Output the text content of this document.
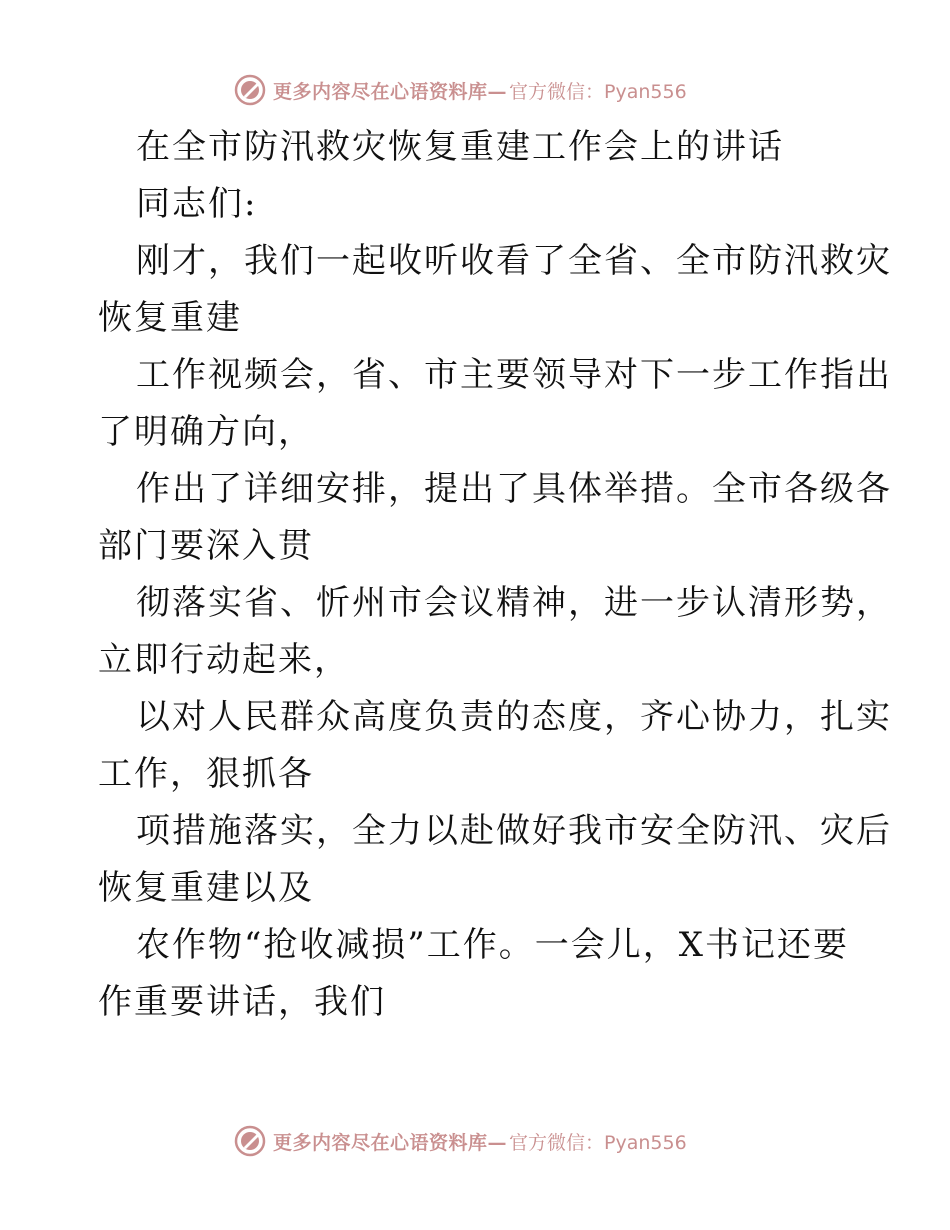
更多内容尽在心语资料库— 官方微信：Pyan556
在全市防汛救灾恢复重建工作会上的讲话
同志们:
刚才，我们一起收听收看了全省、全市防汛救灾
恢复重建
工作视频会，省、市主要领导对下一步工作指出
了明确方向，
作出了详细安排，提出了具体举措。全市各级各
部门要深入贯
彻落实省、忻州市会议精神，进一步认清形势，
立即行动起来，
以对人民群众高度负责的态度，齐心协力，扎实
工作，狠抓各
项措施落实，全力以赴做好我市安全防汛、灾后
恢复重建以及
农作物“抢收减损”工作。一会儿，X书记还要
作重要讲话，我们
更多内容尽在心语资料库— 官方微信：Pyan556
